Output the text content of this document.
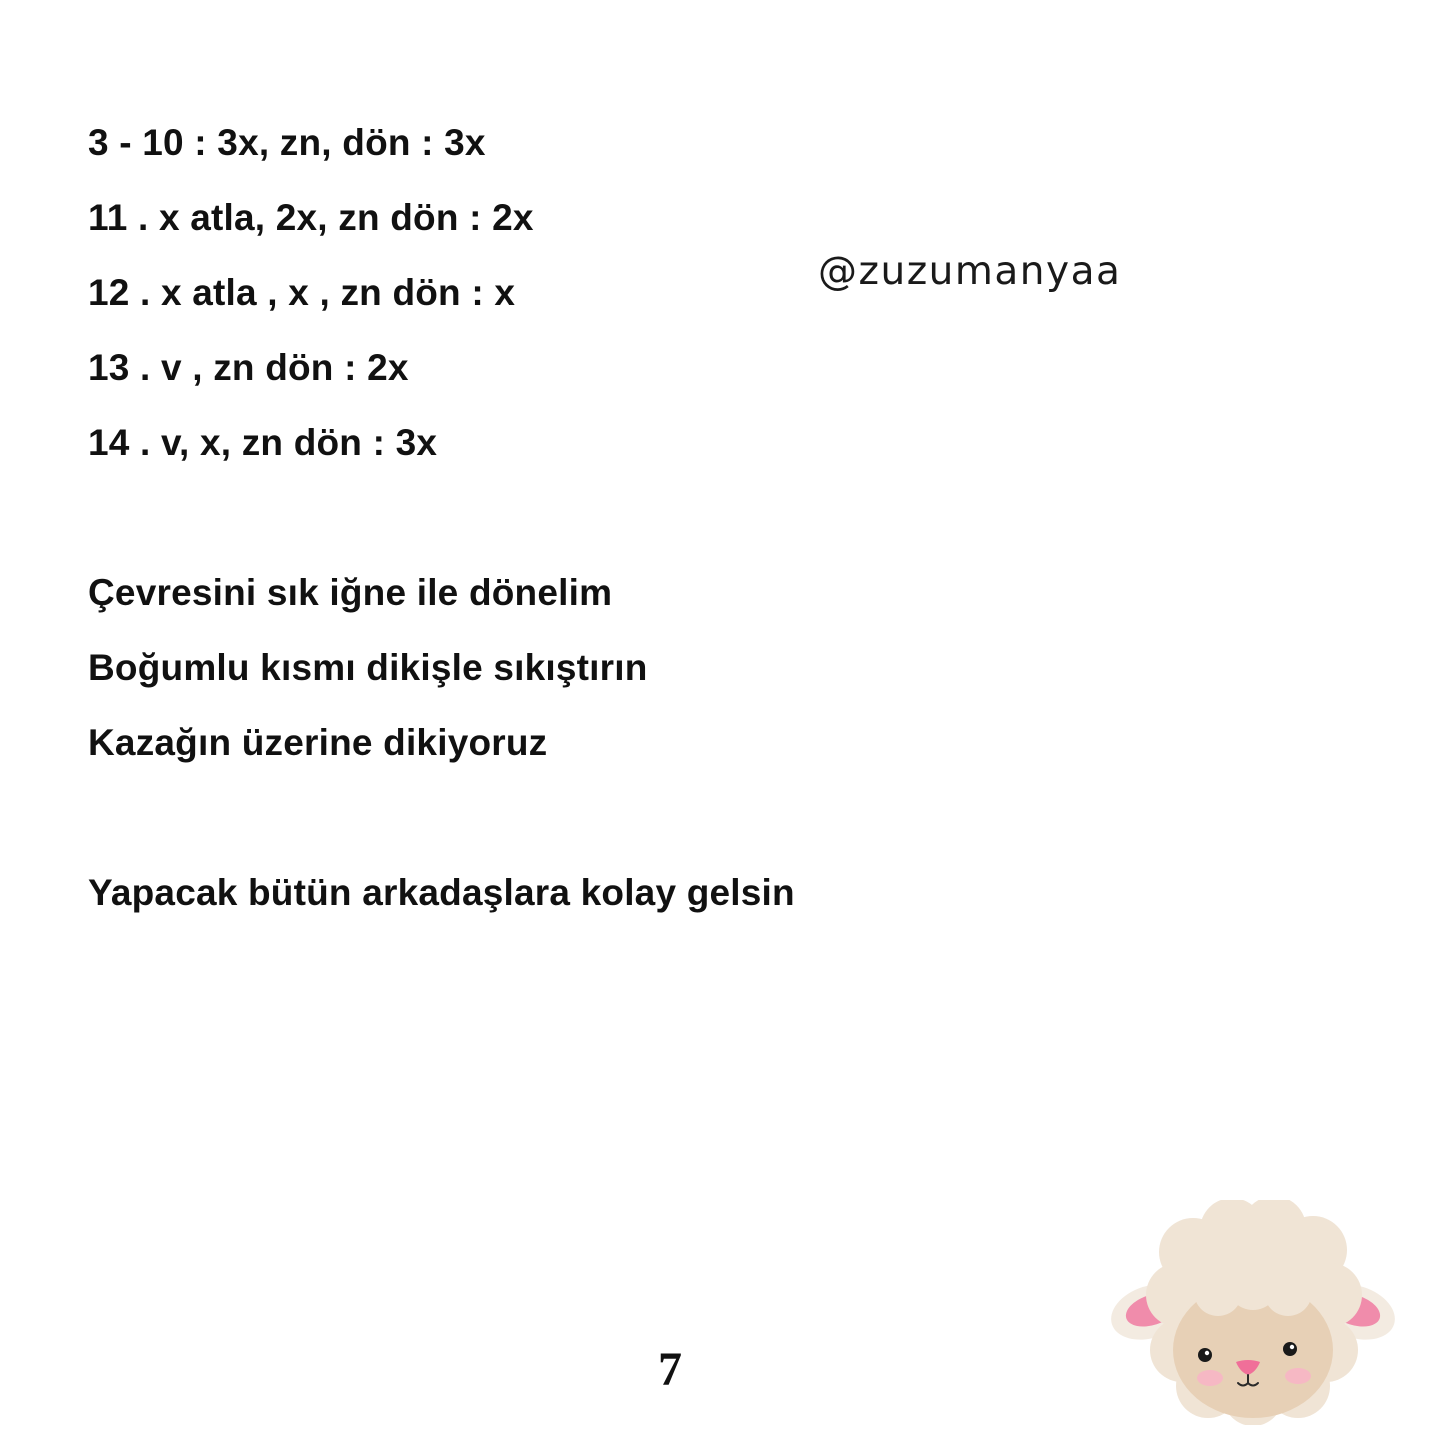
3 - 10 : 3x, zn, dön : 3x
11 . x atla, 2x, zn dön : 2x
12 . x atla , x , zn dön : x
13 . v , zn dön : 2x
14 . v, x, zn dön : 3x
@zuzumanyaa
Çevresini sık iğne ile dönelim
Boğumlu kısmı dikişle sıkıştırın
Kazağın üzerine dikiyoruz
Yapacak bütün arkadaşlara kolay gelsin
7
